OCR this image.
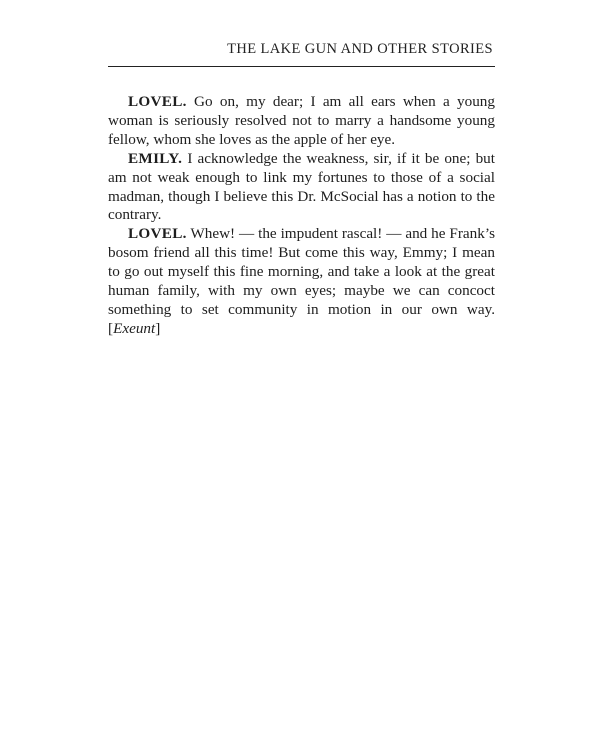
THE LAKE GUN AND OTHER STORIES

LOVEL. Go on, my dear; I am all ears when a young woman is seriously resolved not to marry a handsome young fellow, whom she loves as the apple of her eye.

EMILY. I acknowledge the weakness, sir, if it be one; but am not weak enough to link my fortunes to those of a social madman, though I believe this Dr. McSocial has a notion to the contrary.

LOVEL. Whew! — the impudent rascal! — and he Frank’s bosom friend all this time! But come this way, Emmy; I mean to go out myself this fine morning, and take a look at the great human family, with my own eyes; maybe we can concoct something to set community in motion in our own way. [Exeunt]
